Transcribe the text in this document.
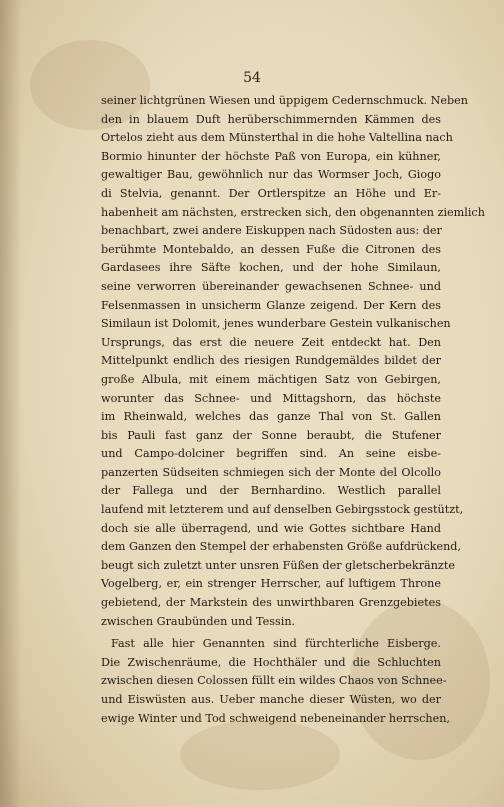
54
seiner lichtgrünen Wiesen und üppigem Cedernschmuck. Neben
den in blauem Duft herüberschimmernden Kämmen des
Ortelos zieht aus dem Münsterthal in die hohe Valtellina nach
Bormio hinunter der höchste Paß von Europa, ein kühner,
gewaltiger Bau, gewöhnlich nur das Wormser Joch, Giogo
di Stelvia, genannt. Der Ortlerspitze an Höhe und Er-
habenheit am nächsten, erstrecken sich, den obgenannten ziemlich
benachbart, zwei andere Eiskuppen nach Südosten aus: der
berühmte Montebaldo, an dessen Fuße die Citronen des
Gardasees ihre Säfte kochen, und der hohe Similaun,
seine verworren übereinander gewachsenen Schnee- und
Felsenmassen in unsicherm Glanze zeigend. Der Kern des
Similaun ist Dolomit, jenes wunderbare Gestein vulkanischen
Ursprungs, das erst die neuere Zeit entdeckt hat. Den
Mittelpunkt endlich des riesigen Rundgemäldes bildet der
große Albula, mit einem mächtigen Satz von Gebirgen,
worunter das Schnee- und Mittagshorn, das höchste
im Rheinwald, welches das ganze Thal von St. Gallen
bis Pauli fast ganz der Sonne beraubt, die Stufener
und Campo-dolciner begriffen sind. An seine eisbe-
panzerten Südseiten schmiegen sich der Monte del Olcollo
der Fallega und der Bernhardino. Westlich parallel
laufend mit letzterem und auf denselben Gebirgsstock gestützt,
doch sie alle überragend, und wie Gottes sichtbare Hand
dem Ganzen den Stempel der erhabensten Größe aufdrückend,
beugt sich zuletzt unter unsren Füßen der gletscherbekränzte
Vogelberg, er, ein strenger Herrscher, auf luftigem Throne
gebietend, der Markstein des unwirthbaren Grenzgebietes
zwischen Graubünden und Tessin.
Fast alle hier Genannten sind fürchterliche Eisberge.
Die Zwischenräume, die Hochthäler und die Schluchten
zwischen diesen Colossen füllt ein wildes Chaos von Schnee-
und Eiswüsten aus. Ueber manche dieser Wüsten, wo der
ewige Winter und Tod schweigend nebeneinander herrschen,
